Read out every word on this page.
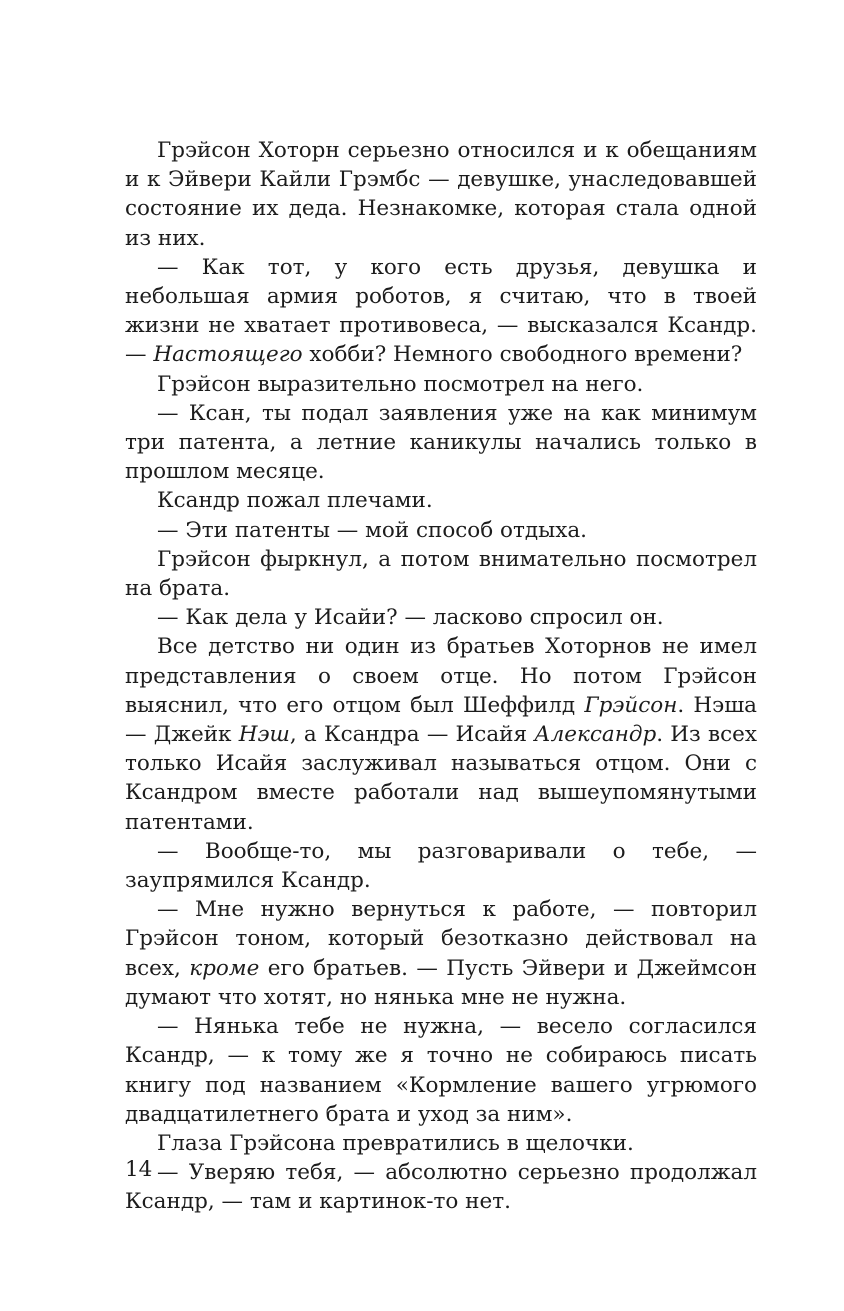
Грэйсон Хоторн серьезно относился и к обещаниям и к Эйвери Кайли Грэмбс — девушке, унаследовавшей состояние их деда. Незнакомке, которая стала одной из них.

— Как тот, у кого есть друзья, девушка и небольшая армия роботов, я считаю, что в твоей жизни не хватает противовеса, — высказался Ксандр. — Настоящего хобби? Немного свободного времени?

Грэйсон выразительно посмотрел на него.

— Ксан, ты подал заявления уже на как минимум три патента, а летние каникулы начались только в прошлом месяце.

Ксандр пожал плечами.

— Эти патенты — мой способ отдыха.

Грэйсон фыркнул, а потом внимательно посмотрел на брата.

— Как дела у Исайи? — ласково спросил он.

Все детство ни один из братьев Хоторнов не имел представления о своем отце. Но потом Грэйсон выяснил, что его отцом был Шеффилд Грэйсон. Нэша — Джейк Нэш, а Ксандра — Исайя Александр. Из всех только Исайя заслуживал называться отцом. Они с Ксандром вместе работали над вышеупомянутыми патентами.

— Вообще-то, мы разговаривали о тебе, — заупрямился Ксандр.

— Мне нужно вернуться к работе, — повторил Грэйсон тоном, который безотказно действовал на всех, кроме его братьев. — Пусть Эйвери и Джеймсон думают что хотят, но нянька мне не нужна.

— Нянька тебе не нужна, — весело согласился Ксандр, — к тому же я точно не собираюсь писать книгу под названием «Кормление вашего угрюмого двадцатилетнего брата и уход за ним».

Глаза Грэйсона превратились в щелочки.

— Уверяю тебя, — абсолютно серьезно продолжал Ксандр, — там и картинок-то нет.

14
